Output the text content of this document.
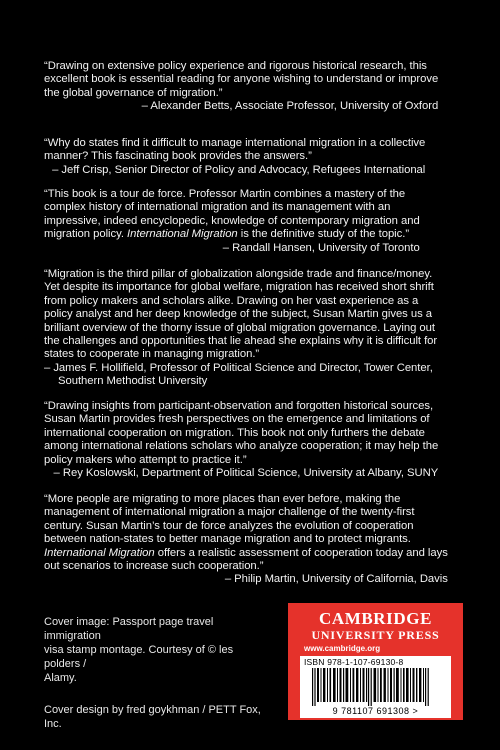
“Drawing on extensive policy experience and rigorous historical research, this

excellent book is essential reading for anyone wishing to understand or improve

the global governance of migration.”

– Alexander Betts, Associate Professor, University of Oxford

“Why do states find it difficult to manage international migration in a collective

manner? This fascinating book provides the answers.”

– Jeff Crisp, Senior Director of Policy and Advocacy, Refugees International

“This book is a tour de force. Professor Martin combines a mastery of the

complex history of international migration and its management with an

impressive, indeed encyclopedic, knowledge of contemporary migration and

migration policy. International Migration is the definitive study of the topic.”

– Randall Hansen, University of Toronto

“Migration is the third pillar of globalization alongside trade and finance/money.

Yet despite its importance for global welfare, migration has received short shrift

from policy makers and scholars alike. Drawing on her vast experience as a

policy analyst and her deep knowledge of the subject, Susan Martin gives us a

brilliant overview of the thorny issue of global migration governance. Laying out

the challenges and opportunities that lie ahead she explains why it is difficult for

states to cooperate in managing migration.”

– James F. Hollifield, Professor of Political Science and Director, Tower Center,
Southern Methodist University

“Drawing insights from participant-observation and forgotten historical sources,

Susan Martin provides fresh perspectives on the emergence and limitations of

international cooperation on migration. This book not only furthers the debate

among international relations scholars who analyze cooperation; it may help the

policy makers who attempt to practice it.”

– Rey Koslowski, Department of Political Science, University at Albany, SUNY

“More people are migrating to more places than ever before, making the

management of international migration a major challenge of the twenty-first

century. Susan Martin’s tour de force analyzes the evolution of cooperation

between nation-states to better manage migration and to protect migrants.

International Migration offers a realistic assessment of cooperation today and lays

out scenarios to increase such cooperation.”

– Philip Martin, University of California, Davis

Cover image: Passport page travel immigration

visa stamp montage. Courtesy of © les polders /

Alamy.

Cover design by fred goykhman / PETT Fox, Inc.

CAMBRIDGE
UNIVERSITY PRESS
www.cambridge.org
ISBN 978-1-107-69130-8
9 781107 691308 >
